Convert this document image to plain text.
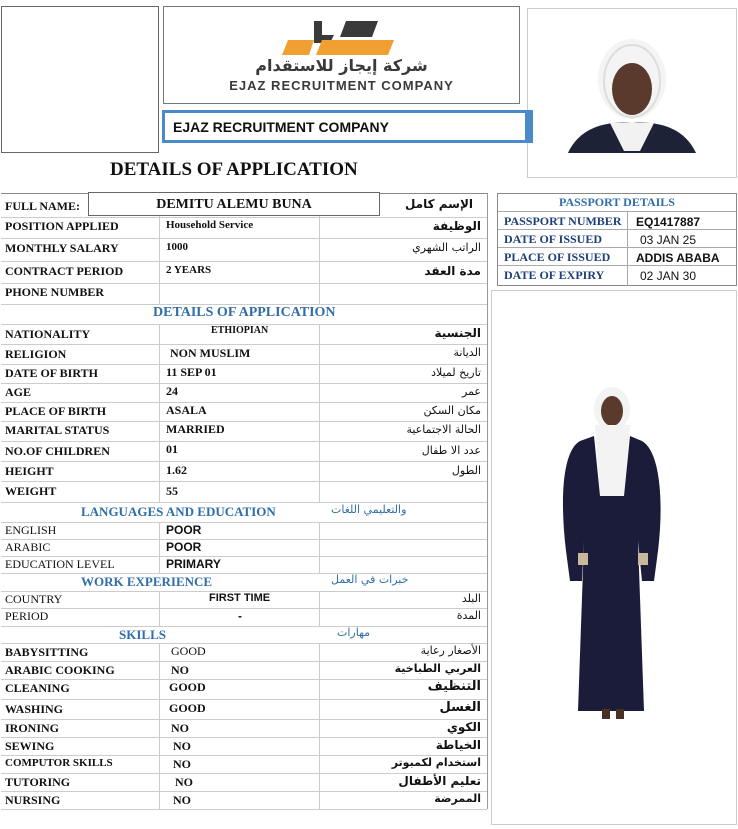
شركة إيجاز للاستقدام
EJAZ RECRUITMENT COMPANY
EJAZ RECRUITMENT COMPANY
DETAILS OF APPLICATION
PASSPORT DETAILS
PASSPORT NUMBER EQ1417887
DATE OF ISSUED	03 JAN 25
PLACE OF ISSUED ADDIS ABABA
DATE OF EXPIRY	02 JAN 30
FULL NAME:	DEMITU ALEMU BUNA	الإسم كامل
POSITION APPLIED	Household Service	الوظيفة
MONTHLY SALARY	1000	الراتب الشهري
CONTRACT PERIOD	2 YEARS	مدة العقد
PHONE NUMBER
DETAILS OF APPLICATION
NATIONALITY	ETHIOPIAN	الجنسية
RELIGION	NON MUSLIM	الديانة
DATE OF BIRTH	11 SEP 01	تاريخ لميلاد
AGE	24	عمر
PLACE OF BIRTH	ASALA	مكان السكن
MARITAL STATUS	MARRIED	الحالة الاجتماعية
NO.OF CHILDREN	01	عدد الا طفال
HEIGHT	1.62	الطول
WEIGHT	55
LANGUAGES AND EDUCATION	والتعليمي اللغات
ENGLISH	POOR
ARABIC	POOR
EDUCATION LEVEL	PRIMARY
WORK EXPERIENCE	خبرات في العمل
COUNTRY	FIRST TIME	البلد
PERIOD	-	المدة
SKILLS	مهارات
BABYSITTING	GOOD	الأصغار رعاية
ARABIC COOKING	NO	العربي الطباخية
CLEANING	GOOD	التنظيف
WASHING	GOOD	الغسل
IRONING	NO	الكوي
SEWING	NO	الخياطة
COMPUTOR SKILLS	NO	استخدام لكمبوتر
TUTORING	NO	تعليم الأطفال
NURSING	NO	الممرضة
